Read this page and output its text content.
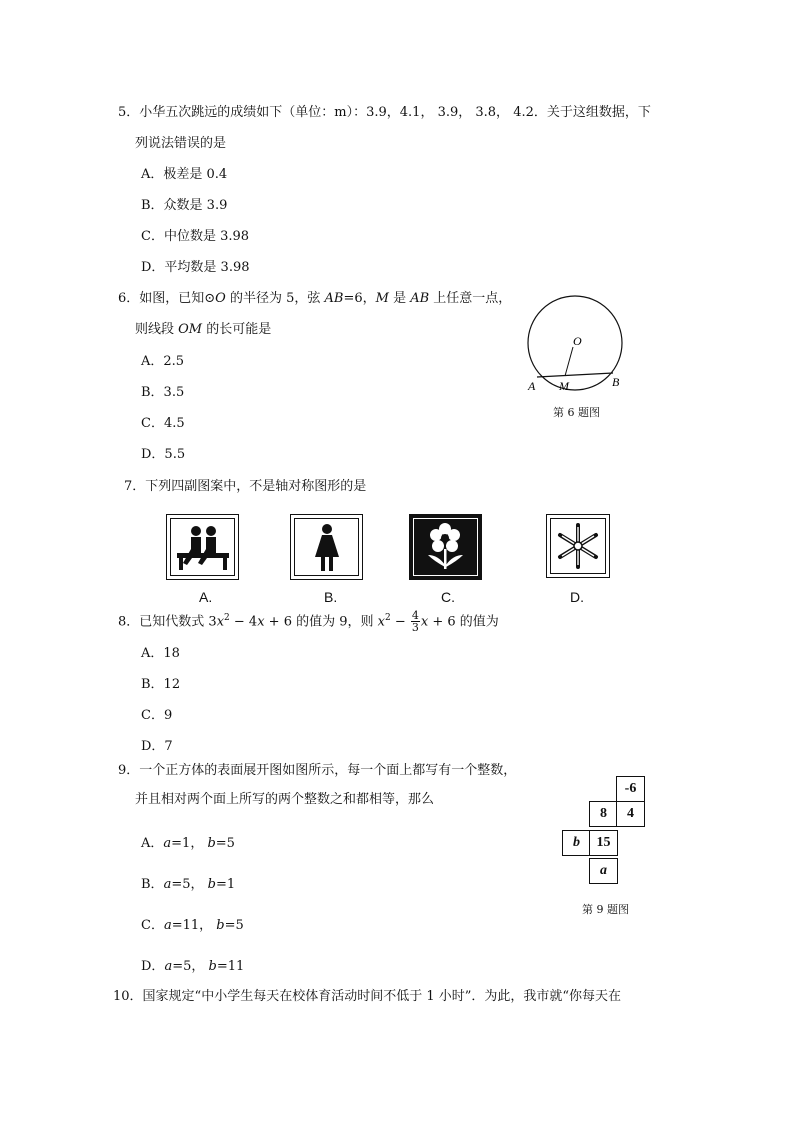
5．小华五次跳远的成绩如下（单位：m）：3.9，4.1， 3.9， 3.8， 4.2．关于这组数据，下
列说法错误的是
A．极差是 0.4
B．众数是 3.9
C．中位数是 3.98
D．平均数是 3.98
6．如图，已知⊙O 的半径为 5，弦 AB=6，M 是 AB 上任意一点，
则线段 OM 的长可能是
A．2.5
B．3.5
C．4.5
D．5.5
O
A M	B
第 6 题图
7．下列四副图案中，不是轴对称图形的是
A.	B.	C.	D.
8．已知代数式 $3x^2 - 4x + 6$ 的值为 9，则 $x^2 - \frac{4}{3}$ x + 6 的值为
A．18
B．12
C．9
D．7
9．一个正方体的表面展开图如图所示，每一个面上都写有一个整数，
并且相对两个面上所写的两个整数之和都相等，那么
A．a=1， b=5
B．a=5， b=1
C．a=11， b=5
D．a=5， b=11
-6
8	4
b	15
a
第 9 题图
10．国家规定“中小学生每天在校体育活动时间不低于 1 小时”．为此，我市就“你每天在
